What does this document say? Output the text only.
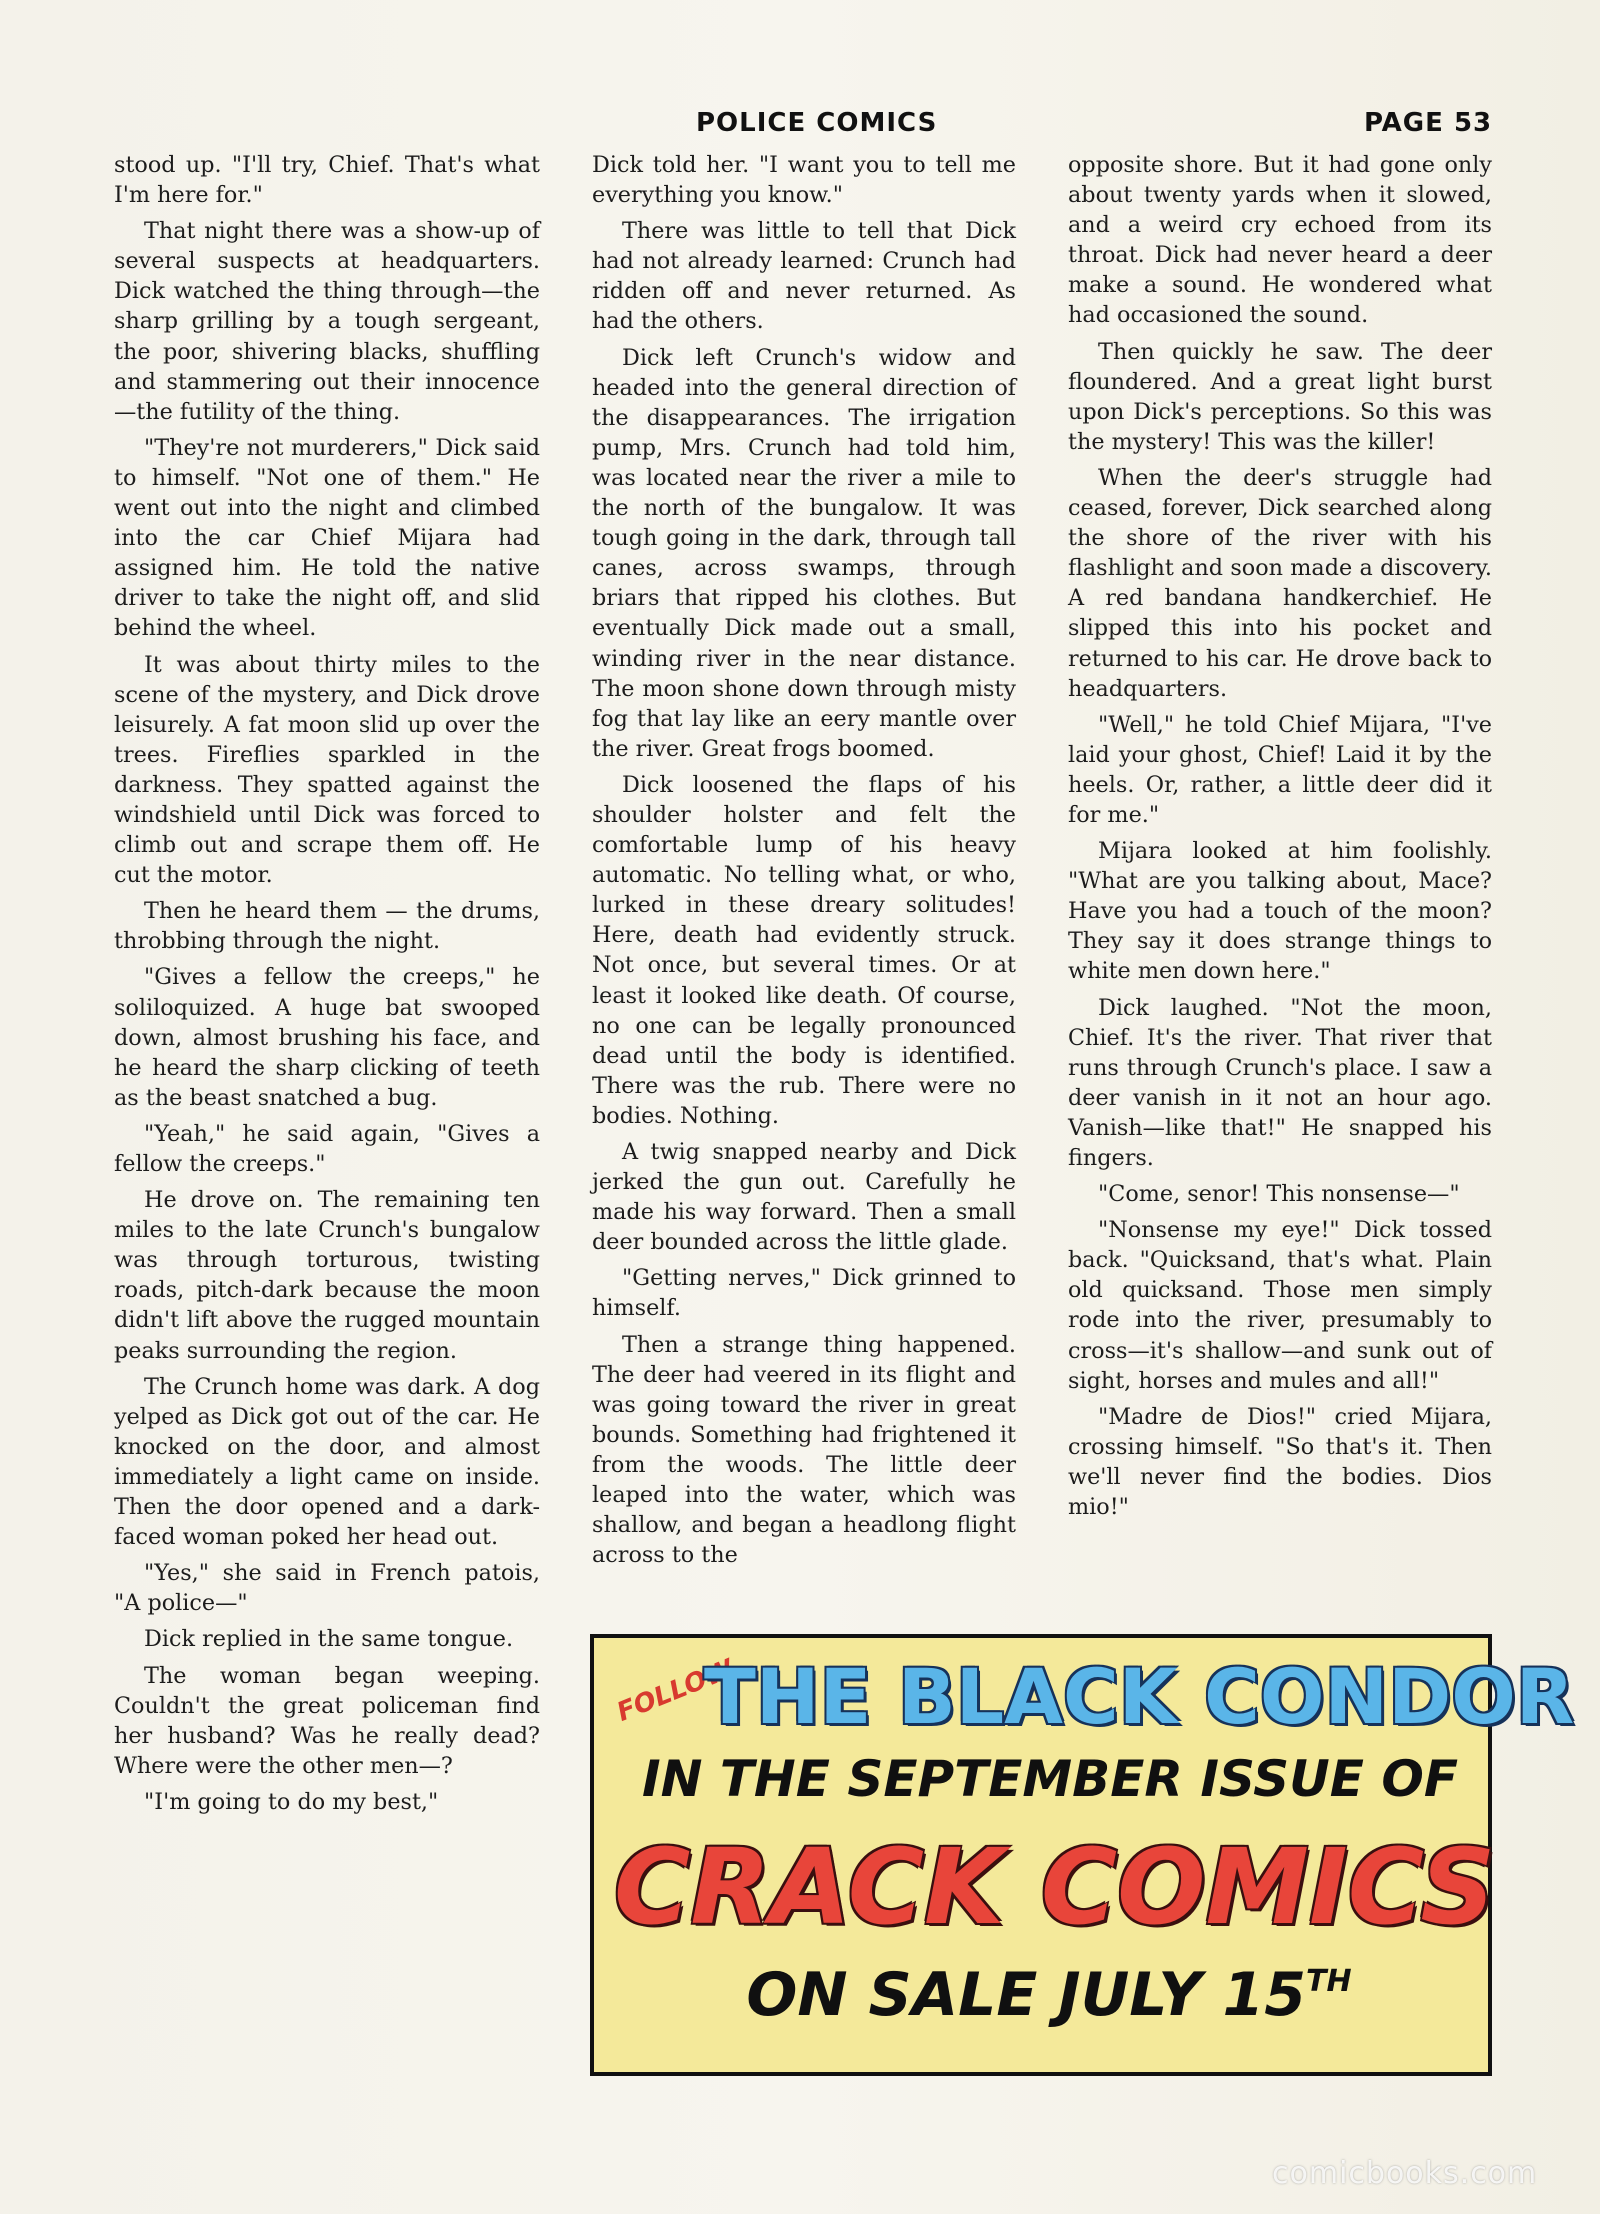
POLICE COMICS	PAGE 53

stood up. "I'll try, Chief. That's what I'm here for."

That night there was a show-up of several suspects at headquarters. Dick watched the thing through—the sharp grilling by a tough sergeant, the poor, shivering blacks, shuffling and stammering out their innocence—the futility of the thing.

"They're not murderers," Dick said to himself. "Not one of them." He went out into the night and climbed into the car Chief Mijara had assigned him. He told the native driver to take the night off, and slid behind the wheel.

It was about thirty miles to the scene of the mystery, and Dick drove leisurely. A fat moon slid up over the trees. Fireflies sparkled in the darkness. They spatted against the windshield until Dick was forced to climb out and scrape them off. He cut the motor.

Then he heard them — the drums, throbbing through the night.

"Gives a fellow the creeps," he soliloquized. A huge bat swooped down, almost brushing his face, and he heard the sharp clicking of teeth as the beast snatched a bug.

"Yeah," he said again, "Gives a fellow the creeps."

He drove on. The remaining ten miles to the late Crunch's bungalow was through torturous, twisting roads, pitch-dark because the moon didn't lift above the rugged mountain peaks surrounding the region.

The Crunch home was dark. A dog yelped as Dick got out of the car. He knocked on the door, and almost immediately a light came on inside. Then the door opened and a dark-faced woman poked her head out.

"Yes," she said in French patois, "A police—"

Dick replied in the same tongue.

The woman began weeping. Couldn't the great policeman find her husband? Was he really dead? Where were the other men—?

"I'm going to do my best,"

Dick told her. "I want you to tell me everything you know."

There was little to tell that Dick had not already learned: Crunch had ridden off and never returned. As had the others.

Dick left Crunch's widow and headed into the general direction of the disappearances. The irrigation pump, Mrs. Crunch had told him, was located near the river a mile to the north of the bungalow. It was tough going in the dark, through tall canes, across swamps, through briars that ripped his clothes. But eventually Dick made out a small, winding river in the near distance. The moon shone down through misty fog that lay like an eery mantle over the river. Great frogs boomed.

Dick loosened the flaps of his shoulder holster and felt the comfortable lump of his heavy automatic. No telling what, or who, lurked in these dreary solitudes! Here, death had evidently struck. Not once, but several times. Or at least it looked like death. Of course, no one can be legally pronounced dead until the body is identified. There was the rub. There were no bodies. Nothing.

A twig snapped nearby and Dick jerked the gun out. Carefully he made his way forward. Then a small deer bounded across the little glade.

"Getting nerves," Dick grinned to himself.

Then a strange thing happened. The deer had veered in its flight and was going toward the river in great bounds. Something had frightened it from the woods. The little deer leaped into the water, which was shallow, and began a headlong flight across to the

opposite shore. But it had gone only about twenty yards when it slowed, and a weird cry echoed from its throat. Dick had never heard a deer make a sound. He wondered what had occasioned the sound.

Then quickly he saw. The deer floundered. And a great light burst upon Dick's perceptions. So this was the mystery! This was the killer!

When the deer's struggle had ceased, forever, Dick searched along the shore of the river with his flashlight and soon made a discovery. A red bandana handkerchief. He slipped this into his pocket and returned to his car. He drove back to headquarters.

"Well," he told Chief Mijara, "I've laid your ghost, Chief! Laid it by the heels. Or, rather, a little deer did it for me."

Mijara looked at him foolishly. "What are you talking about, Mace? Have you had a touch of the moon? They say it does strange things to white men down here."

Dick laughed. "Not the moon, Chief. It's the river. That river that runs through Crunch's place. I saw a deer vanish in it not an hour ago. Vanish—like that!" He snapped his fingers.

"Come, senor! This nonsense—"

"Nonsense my eye!" Dick tossed back. "Quicksand, that's what. Plain old quicksand. Those men simply rode into the river, presumably to cross—it's shallow—and sunk out of sight, horses and mules and all!"

"Madre de Dios!" cried Mijara, crossing himself. "So that's it. Then we'll never find the bodies. Dios mio!"

FOLLOW
THE BLACK CONDOR
IN THE SEPTEMBER ISSUE OF
CRACK COMICS
ON SALE JULY 15TH
comicbooks.com
